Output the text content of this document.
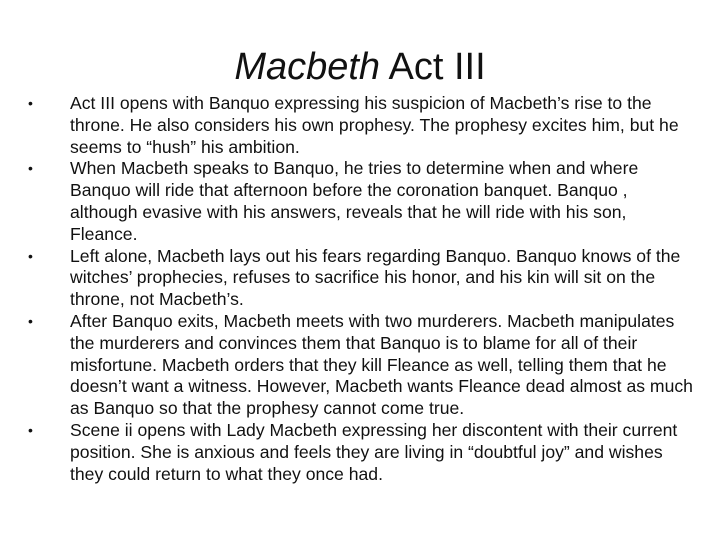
Macbeth Act III
• Act III opens with Banquo expressing his suspicion of Macbeth’s rise to the throne. He also considers his own prophesy. The prophesy excites him, but he seems to “hush” his ambition.
• When Macbeth speaks to Banquo, he tries to determine when and where Banquo will ride that afternoon before the coronation banquet. Banquo , although evasive with his answers, reveals that he will ride with his son, Fleance.
• Left alone, Macbeth lays out his fears regarding Banquo. Banquo knows of the witches’ prophecies, refuses to sacrifice his honor, and his kin will sit on the throne, not Macbeth’s.
• After Banquo exits, Macbeth meets with two murderers. Macbeth manipulates the murderers and convinces them that Banquo is to blame for all of their misfortune. Macbeth orders that they kill Fleance as well, telling them that he doesn’t want a witness. However, Macbeth wants Fleance dead almost as much as Banquo so that the prophesy cannot come true.
• Scene ii opens with Lady Macbeth expressing her discontent with their current position. She is anxious and feels they are living in “doubtful joy” and wishes they could return to what they once had.
